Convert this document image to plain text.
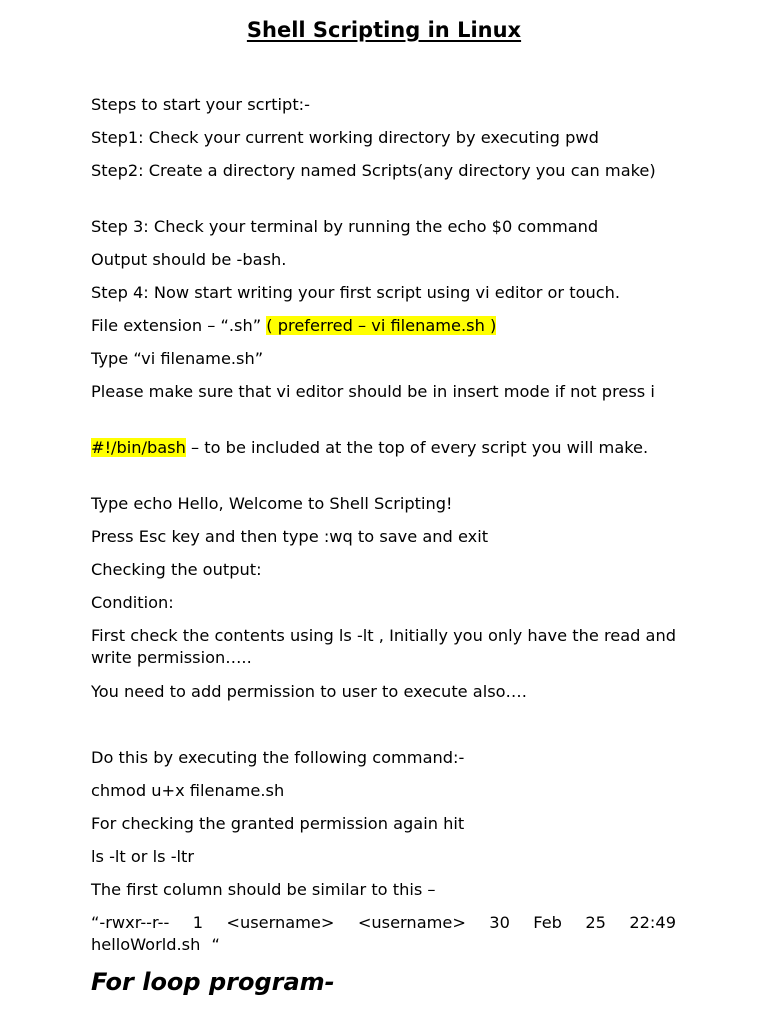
Shell Scripting in Linux

Steps to start your scrtipt:-

Step1: Check your current working directory by executing pwd

Step2: Create a directory named Scripts(any directory you can make)

Step 3: Check your terminal by running the echo $0 command

Output should be -bash.

Step 4: Now start writing your first script using vi editor or touch.

File extension – “.sh” ( preferred – vi filename.sh )

Type “vi filename.sh”

Please make sure that vi editor should be in insert mode if not press i

#!/bin/bash – to be included at the top of every script you will make.

Type echo Hello, Welcome to Shell Scripting!

Press Esc key and then type :wq to save and exit

Checking the output:

Condition:

First check the contents using ls -lt , Initially you only have the read and write permission…..

You need to add permission to user to execute also….

Do this by executing the following command:-

chmod u+x filename.sh

For checking the granted permission again hit

ls -lt or ls -ltr

The first column should be similar to this –

“-rwxr--r-- 1 <username> <username> 30 Feb 25 22:49 helloWorld.sh “

For loop program-
